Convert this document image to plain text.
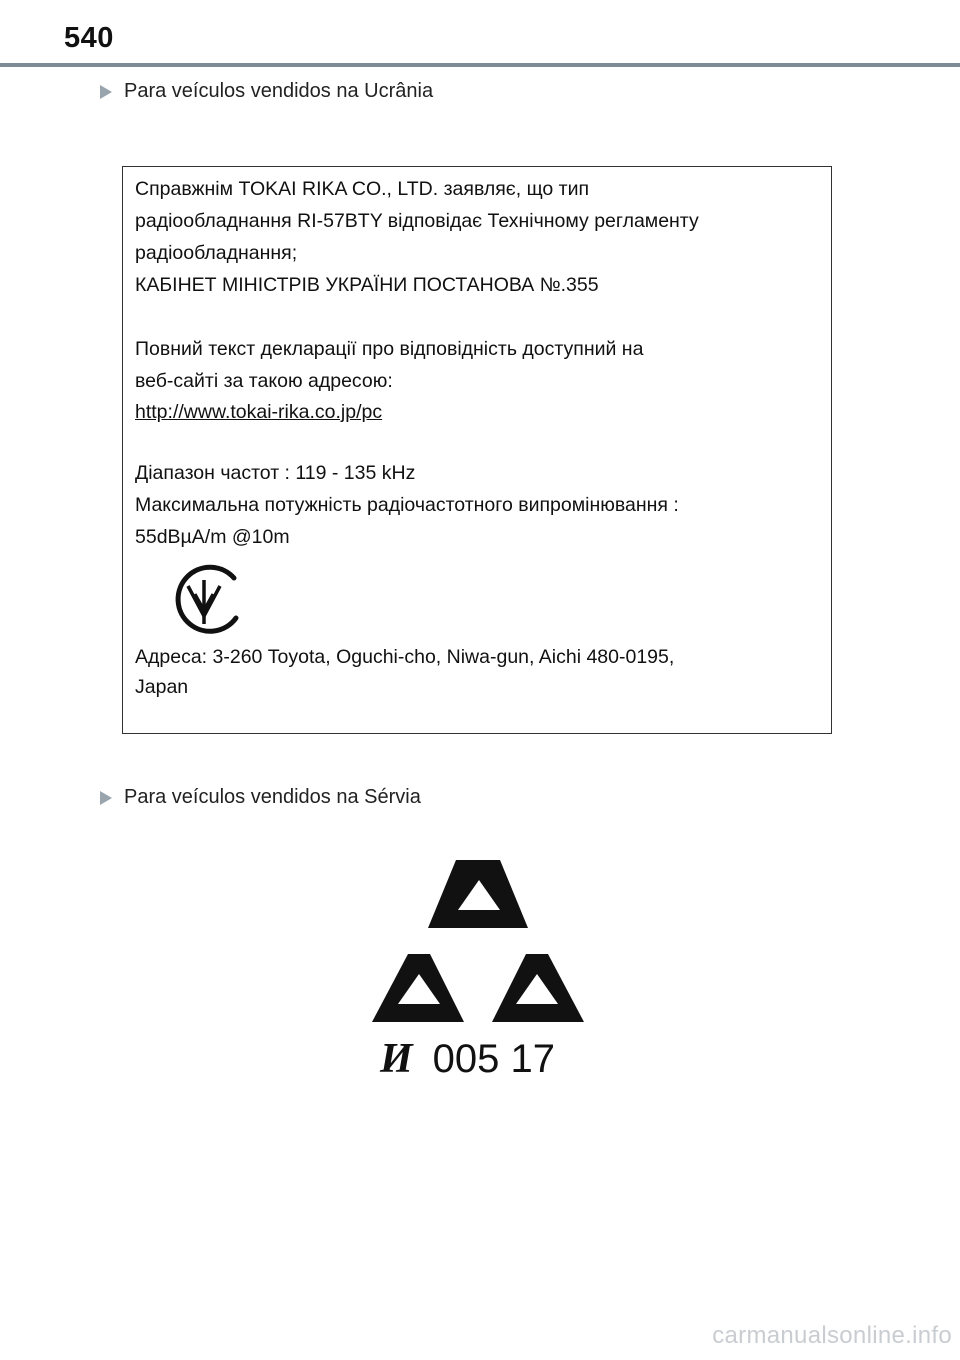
540
Para veículos vendidos na Ucrânia
Справжнім TOKAI RIKA CO., LTD. заявляє, що тип
радіообладнання RI-57BTY відповідає Технічному регламенту
радіообладнання;
КАБІНЕТ МІНІСТРІВ УКРАЇНИ ПОСТАНОВА №.355
Повний текст декларації про відповідність доступний на
веб-сайті за такою адресою:
http://www.tokai-rika.co.jp/pc
Діапазон частот : 119 - 135 kHz
Максимальна потужність радіочастотного випромінювання :
55dBµA/m @10m
Адреса: 3-260 Toyota, Oguchi-cho, Niwa-gun, Aichi 480-0195,
Japan
Para veículos vendidos na Sérvia
И 005 17
carmanualsonline.info
